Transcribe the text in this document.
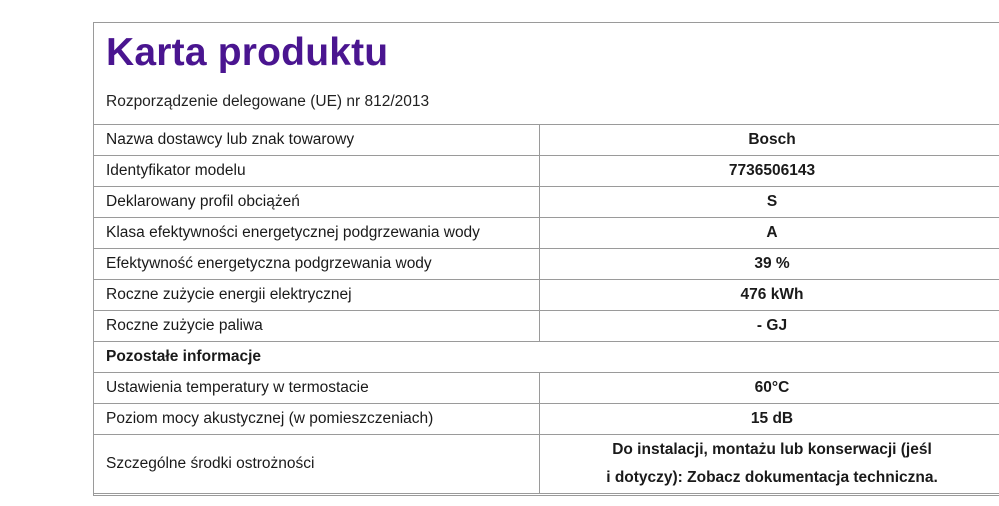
Karta produktu

Rozporządzenie delegowane (UE) nr 812/2013

Nazwa dostawcy lub znak towarowy	Bosch
Identyfikator modelu	7736506143
Deklarowany profil obciążeń	S
Klasa efektywności energetycznej podgrzewania wody	A
Efektywność energetyczna podgrzewania wody	39 %
Roczne zużycie energii elektrycznej	476 kWh
Roczne zużycie paliwa	- GJ
Pozostałe informacje	
Ustawienia temperatury w termostacie	60°C
Poziom mocy akustycznej (w pomieszczeniach)	15 dB
Szczególne środki ostrożności	Do instalacji, montażu lub konserwacji (jeśl
i dotyczy): Zobacz dokumentacja techniczna.
